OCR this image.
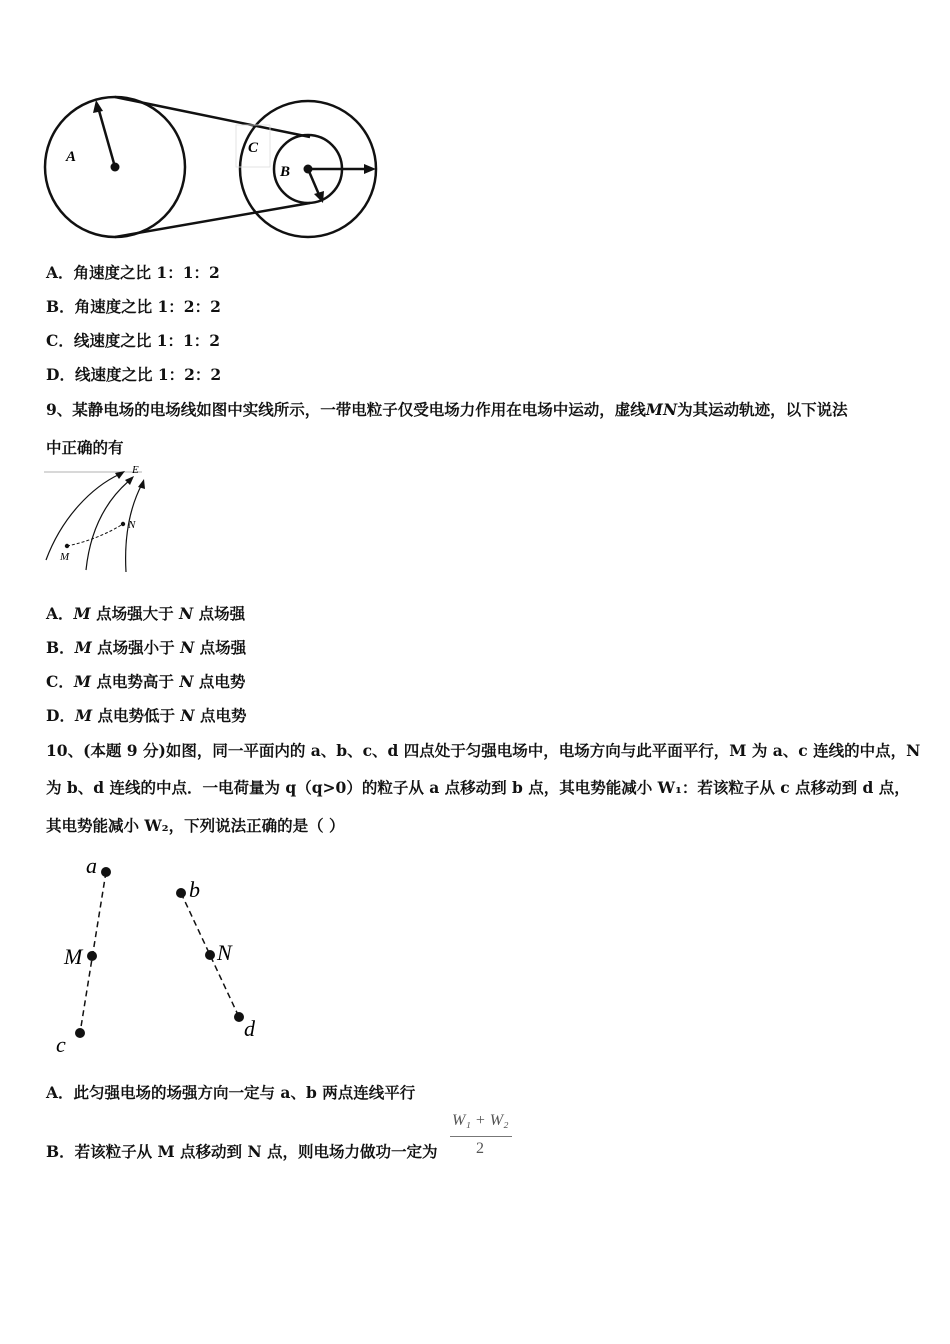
A
C
B
A．角速度之比 1：1：2
B．角速度之比 1：2：2
C．线速度之比 1：1：2
D．线速度之比 1：2：2
9、某静电场的电场线如图中实线所示，一带电粒子仅受电场力作用在电场中运动，虚线MN为其运动轨迹，以下说法
中正确的有
E
N
M
A．M 点场强大于 N 点场强
B．M 点场强小于 N 点场强
C．M 点电势高于 N 点电势
D．M 点电势低于 N 点电势
10、(本题 9 分)如图，同一平面内的 a、b、c、d 四点处于匀强电场中，电场方向与此平面平行，M 为 a、c 连线的中点，N
为 b、d 连线的中点．一电荷量为 q（q>0）的粒子从 a 点移动到 b 点，其电势能减小 W₁：若该粒子从 c 点移动到 d 点，
其电势能减小 W₂，下列说法正确的是（ ）
a
M
c
b
N
d
A．此匀强电场的场强方向一定与 a、b 两点连线平行
B．若该粒子从 M 点移动到 N 点，则电场力做功一定为
W₁ + W₂
2
